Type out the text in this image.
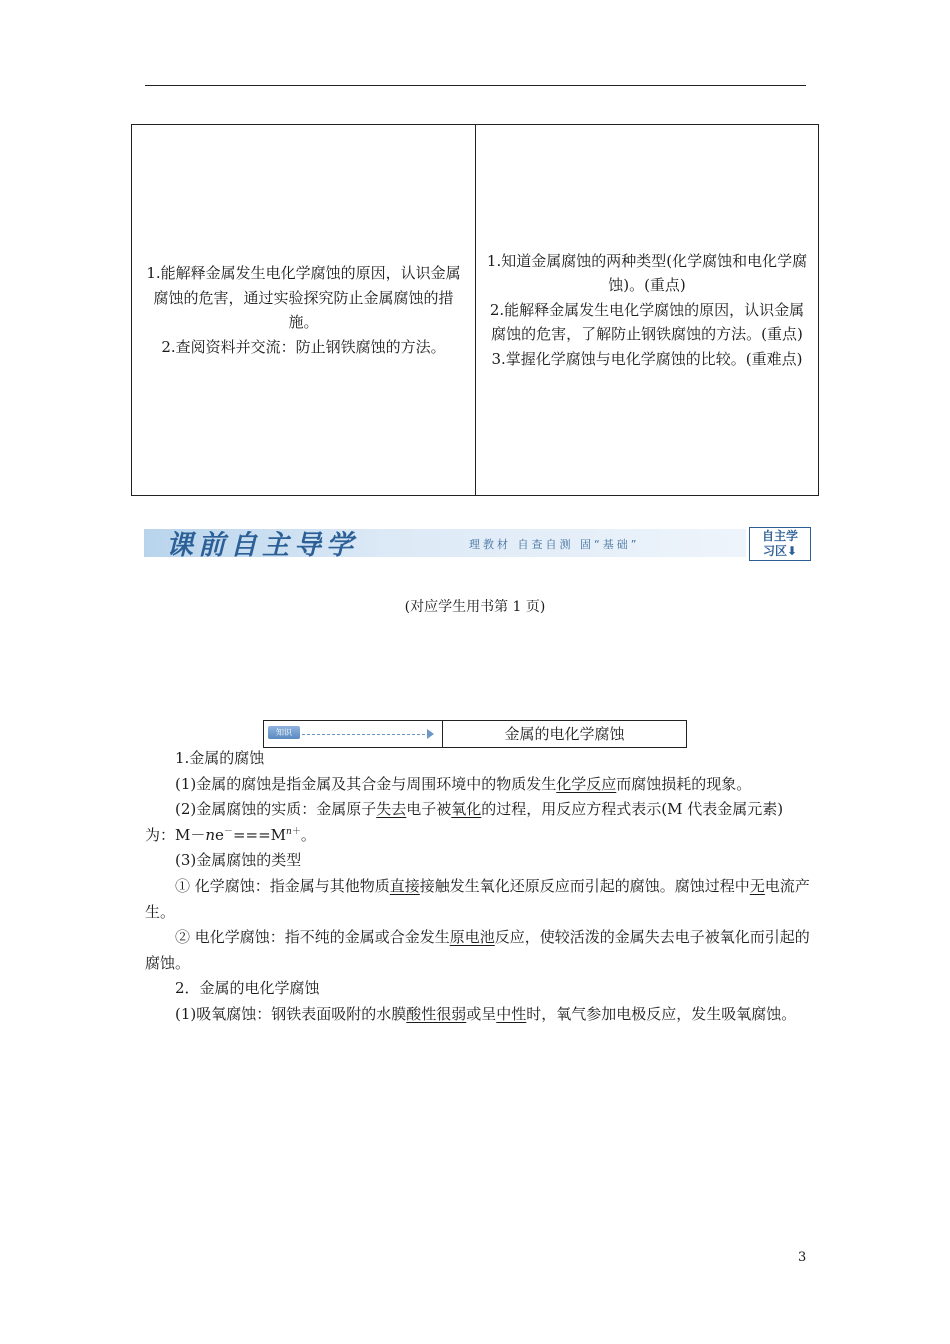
1.能解释金属发生电化学腐蚀的原因，认识金属腐蚀的危害，通过实验探究防止金属腐蚀的措施。
2.查阅资料并交流：防止钢铁腐蚀的方法。
1.知道金属腐蚀的两种类型(化学腐蚀和电化学腐蚀)。(重点)
2.能解释金属发生电化学腐蚀的原因，认识金属腐蚀的危害，了解防止钢铁腐蚀的方法。(重点)
3.掌握化学腐蚀与电化学腐蚀的比较。(重难点)
课前自主导学	理教材 自查自测 固“基础”
自主学
习区⬇
(对应学生用书第 1 页)
知识	金属的电化学腐蚀

1.金属的腐蚀

(1)金属的腐蚀是指金属及其合金与周围环境中的物质发生化学反应而腐蚀损耗的现象。

(2)金属腐蚀的实质：金属原子失去电子被氧化的过程，用反应方程式表示(M 代表金属元素)为：$M-ne^-===M^{n+}$。

(3)金属腐蚀的类型

① 化学腐蚀：指金属与其他物质直接接触发生氧化还原反应而引起的腐蚀。腐蚀过程中无电流产生。

② 电化学腐蚀：指不纯的金属或合金发生原电池反应，使较活泼的金属失去电子被氧化而引起的腐蚀。

2．金属的电化学腐蚀

(1)吸氧腐蚀：钢铁表面吸附的水膜酸性很弱或呈中性时，氧气参加电极反应，发生吸氧腐蚀。

3
